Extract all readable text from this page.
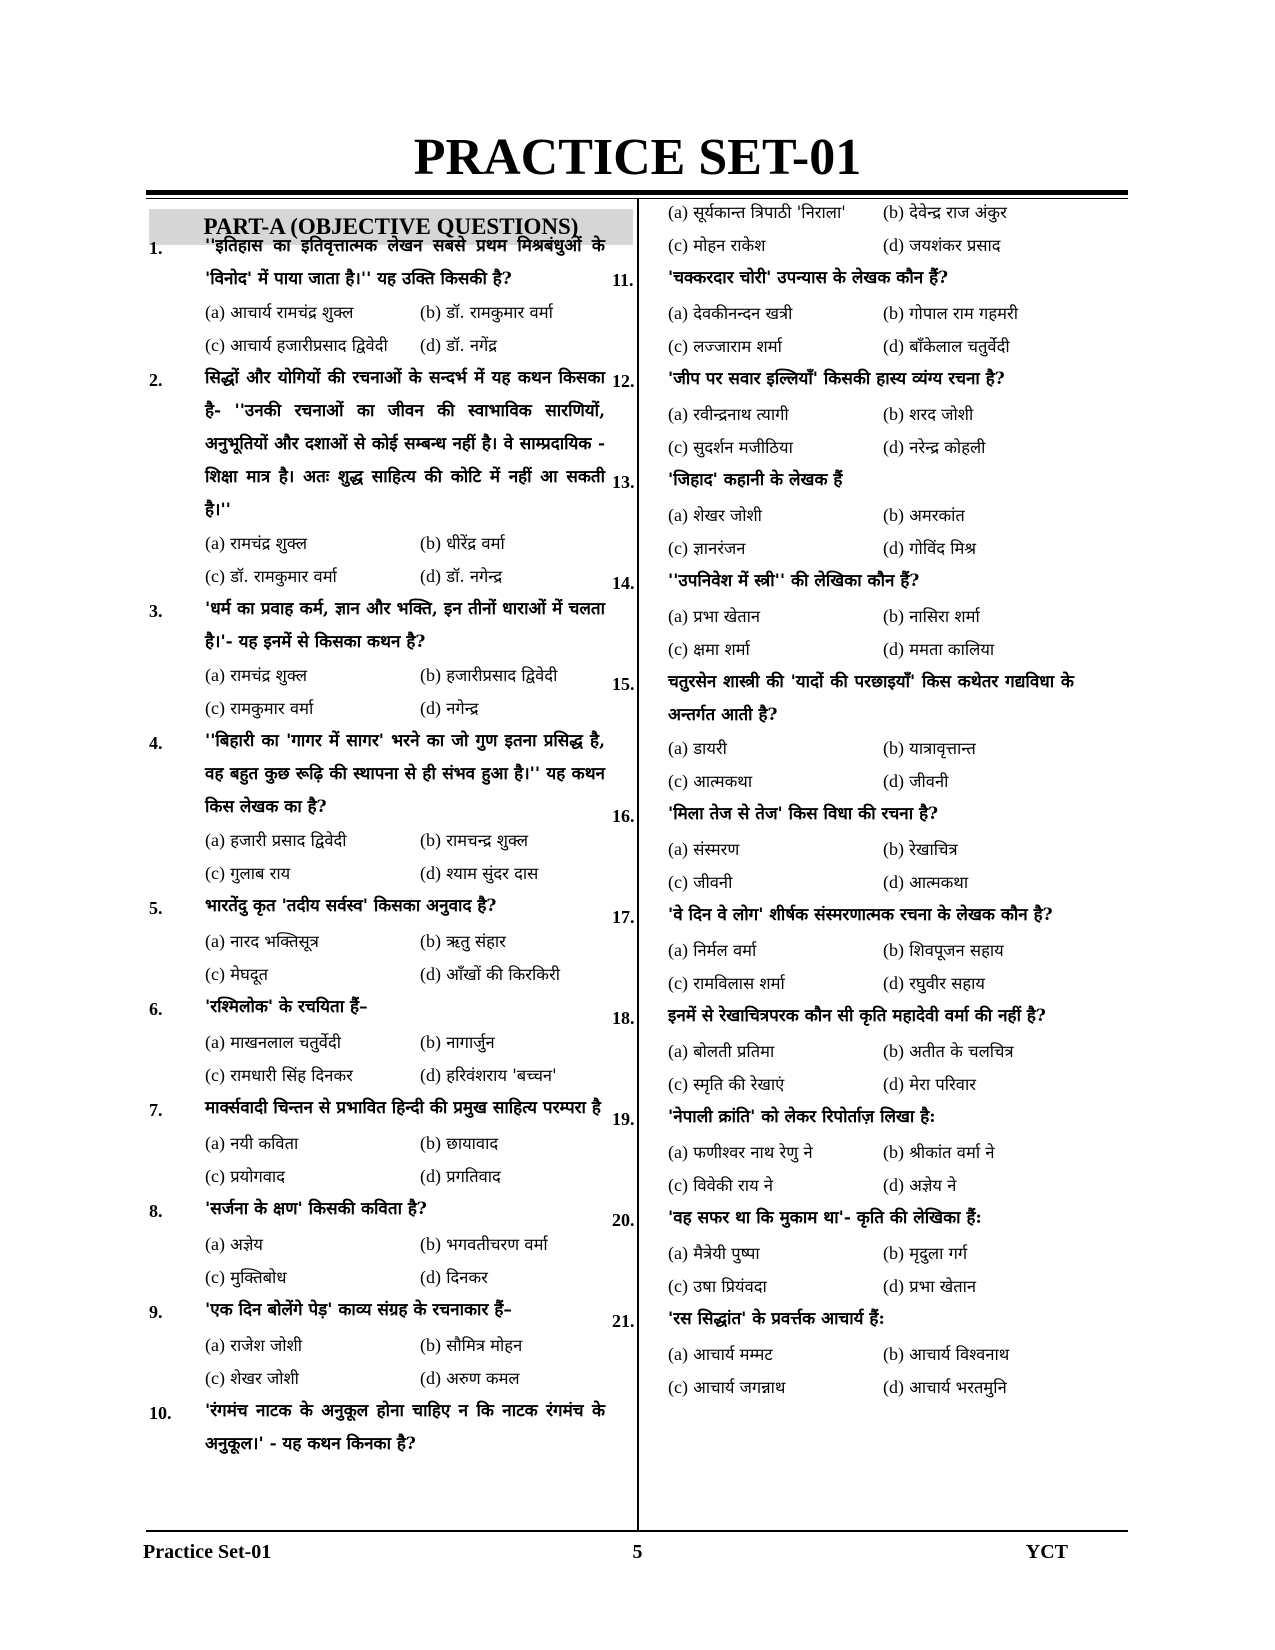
PRACTICE SET-01
PART-A (OBJECTIVE QUESTIONS)
1.	''इतिहास का इतिवृत्तात्मक लेखन सबसे प्रथम मिश्रबंधुओं के 'विनोद' में पाया जाता है।'' यह उक्ति किसकी है?
(a) आचार्य रामचंद्र शुक्ल	(b) डॉ. रामकुमार वर्मा
(c) आचार्य हजारीप्रसाद द्विवेदी	(d) डॉ. नगेंद्र
2.	सिद्धों और योगियों की रचनाओं के सन्दर्भ में यह कथन किसका है- ''उनकी रचनाओं का जीवन की स्वाभाविक सारणियों, अनुभूतियों और दशाओं से कोई सम्बन्ध नहीं है। वे साम्प्रदायिक - शिक्षा मात्र है। अतः शुद्ध साहित्य की कोटि में नहीं आ सकती है।''
(a) रामचंद्र शुक्ल	(b) धीरेंद्र वर्मा
(c) डॉ. रामकुमार वर्मा	(d) डॉ. नगेन्द्र
3.	'धर्म का प्रवाह कर्म, ज्ञान और भक्ति, इन तीनों धाराओं में चलता है।'- यह इनमें से किसका कथन है?
(a) रामचंद्र शुक्ल	(b) हजारीप्रसाद द्विवेदी
(c) रामकुमार वर्मा	(d) नगेन्द्र
4.	''बिहारी का 'गागर में सागर' भरने का जो गुण इतना प्रसिद्ध है, वह बहुत कुछ रूढ़ि की स्थापना से ही संभव हुआ है।'' यह कथन किस लेखक का है?
(a) हजारी प्रसाद द्विवेदी	(b) रामचन्द्र शुक्ल
(c) गुलाब राय	(d) श्याम सुंदर दास
5.	भारतेंदु कृत 'तदीय सर्वस्व' किसका अनुवाद है?
(a) नारद भक्तिसूत्र	(b) ऋतु संहार
(c) मेघदूत	(d) आँखों की किरकिरी
6.	'रश्मिलोक' के रचयिता हैं–
(a) माखनलाल चतुर्वेदी	(b) नागार्जुन
(c) रामधारी सिंह दिनकर	(d) हरिवंशराय 'बच्चन'
7.	मार्क्सवादी चिन्तन से प्रभावित हिन्दी की प्रमुख साहित्य परम्परा है
(a) नयी कविता	(b) छायावाद
(c) प्रयोगवाद	(d) प्रगतिवाद
8.	'सर्जना के क्षण' किसकी कविता है?
(a) अज्ञेय	(b) भगवतीचरण वर्मा
(c) मुक्तिबोध	(d) दिनकर
9.	'एक दिन बोलेंगे पेड़' काव्य संग्रह के रचनाकार हैं–
(a) राजेश जोशी	(b) सौमित्र मोहन
(c) शेखर जोशी	(d) अरुण कमल
10.	'रंगमंच नाटक के अनुकूल होना चाहिए न कि नाटक रंगमंच के अनुकूल।' - यह कथन किनका है?
(a) सूर्यकान्त त्रिपाठी 'निराला'	(b) देवेन्द्र राज अंकुर
(c) मोहन राकेश	(d) जयशंकर प्रसाद
11.	'चक्करदार चोरी' उपन्यास के लेखक कौन हैं?
(a) देवकीनन्दन खत्री	(b) गोपाल राम गहमरी
(c) लज्जाराम शर्मा	(d) बाँकेलाल चतुर्वेदी
12.	'जीप पर सवार इल्लियाँ' किसकी हास्य व्यंग्य रचना है?
(a) रवीन्द्रनाथ त्यागी	(b) शरद जोशी
(c) सुदर्शन मजीठिया	(d) नरेन्द्र कोहली
13.	'जिहाद' कहानी के लेखक हैं
(a) शेखर जोशी	(b) अमरकांत
(c) ज्ञानरंजन	(d) गोविंद मिश्र
14.	''उपनिवेश में स्त्री'' की लेखिका कौन हैं?
(a) प्रभा खेतान	(b) नासिरा शर्मा
(c) क्षमा शर्मा	(d) ममता कालिया
15.	चतुरसेन शास्त्री की 'यादों की परछाइयाँ' किस कथेतर गद्यविधा के अन्तर्गत आती है?
(a) डायरी	(b) यात्रावृत्तान्त
(c) आत्मकथा	(d) जीवनी
16.	'मिला तेज से तेज' किस विधा की रचना है?
(a) संस्मरण	(b) रेखाचित्र
(c) जीवनी	(d) आत्मकथा
17.	'वे दिन वे लोग' शीर्षक संस्मरणात्मक रचना के लेखक कौन है?
(a) निर्मल वर्मा	(b) शिवपूजन सहाय
(c) रामविलास शर्मा	(d) रघुवीर सहाय
18.	इनमें से रेखाचित्रपरक कौन सी कृति महादेवी वर्मा की नहीं है?
(a) बोलती प्रतिमा	(b) अतीत के चलचित्र
(c) स्मृति की रेखाएं	(d) मेरा परिवार
19.	'नेपाली क्रांति' को लेकर रिपोर्ताज़ लिखा है:
(a) फणीश्वर नाथ रेणु ने	(b) श्रीकांत वर्मा ने
(c) विवेकी राय ने	(d) अज्ञेय ने
20.	'वह सफर था कि मुकाम था'- कृति की लेखिका हैं:
(a) मैत्रेयी पुष्पा	(b) मृदुला गर्ग
(c) उषा प्रियंवदा	(d) प्रभा खेतान
21.	'रस सिद्धांत' के प्रवर्त्तक आचार्य हैं:
(a) आचार्य मम्मट	(b) आचार्य विश्वनाथ
(c) आचार्य जगन्नाथ	(d) आचार्य भरतमुनि
Practice Set-01	5	YCT
